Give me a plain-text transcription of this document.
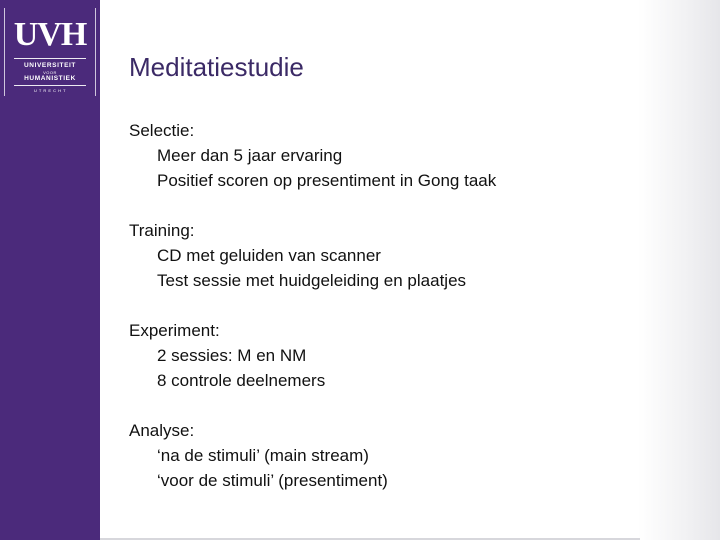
UVH
UNIVERSITEIT
VOOR
HUMANISTIEK
U T R E C H T
Meditatiestudie
Selectie:
Meer dan 5 jaar ervaring
Positief scoren op presentiment in Gong taak
Training:
CD met geluiden van scanner
Test sessie met huidgeleiding en plaatjes
Experiment:
2 sessies: M en NM
8 controle deelnemers
Analyse:
‘na de stimuli’ (main stream)
‘voor de stimuli’ (presentiment)
